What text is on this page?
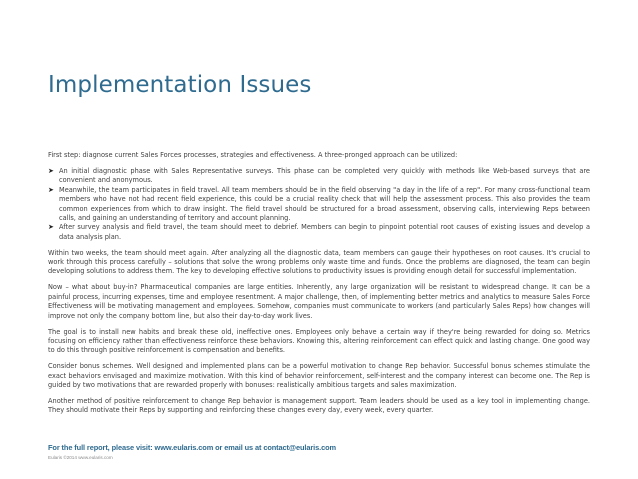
Implementation Issues

First step: diagnose current Sales Forces processes, strategies and effectiveness. A three-pronged approach can be utilized:

➤ An initial diagnostic phase with Sales Representative surveys. This phase can be completed very quickly with methods like Web-based surveys that are convenient and anonymous.
➤ Meanwhile, the team participates in field travel. All team members should be in the field observing "a day in the life of a rep". For many cross-functional team members who have not had recent field experience, this could be a crucial reality check that will help the assessment process. This also provides the team common experiences from which to draw insight. The field travel should be structured for a broad assessment, observing calls, interviewing Reps between calls, and gaining an understanding of territory and account planning.
➤ After survey analysis and field travel, the team should meet to debrief. Members can begin to pinpoint potential root causes of existing issues and develop a data analysis plan.

Within two weeks, the team should meet again. After analyzing all the diagnostic data, team members can gauge their hypotheses on root causes. It's crucial to work through this process carefully – solutions that solve the wrong problems only waste time and funds. Once the problems are diagnosed, the team can begin developing solutions to address them. The key to developing effective solutions to productivity issues is providing enough detail for successful implementation.

Now – what about buy-in? Pharmaceutical companies are large entities. Inherently, any large organization will be resistant to widespread change. It can be a painful process, incurring expenses, time and employee resentment. A major challenge, then, of implementing better metrics and analytics to measure Sales Force Effectiveness will be motivating management and employees. Somehow, companies must communicate to workers (and particularly Sales Reps) how changes will improve not only the company bottom line, but also their day-to-day work lives.

The goal is to install new habits and break these old, ineffective ones. Employees only behave a certain way if they're being rewarded for doing so. Metrics focusing on efficiency rather than effectiveness reinforce these behaviors. Knowing this, altering reinforcement can effect quick and lasting change. One good way to do this through positive reinforcement is compensation and benefits.

Consider bonus schemes. Well designed and implemented plans can be a powerful motivation to change Rep behavior. Successful bonus schemes stimulate the exact behaviors envisaged and maximize motivation. With this kind of behavior reinforcement, self-interest and the company interest can become one. The Rep is guided by two motivations that are rewarded properly with bonuses: realistically ambitious targets and sales maximization.

Another method of positive reinforcement to change Rep behavior is management support. Team leaders should be used as a key tool in implementing change. They should motivate their Reps by supporting and reinforcing these changes every day, every week, every quarter.

For the full report, please visit: www.eularis.com or email us at contact@eularis.com
Eularis ©2014 www.eularis.com
